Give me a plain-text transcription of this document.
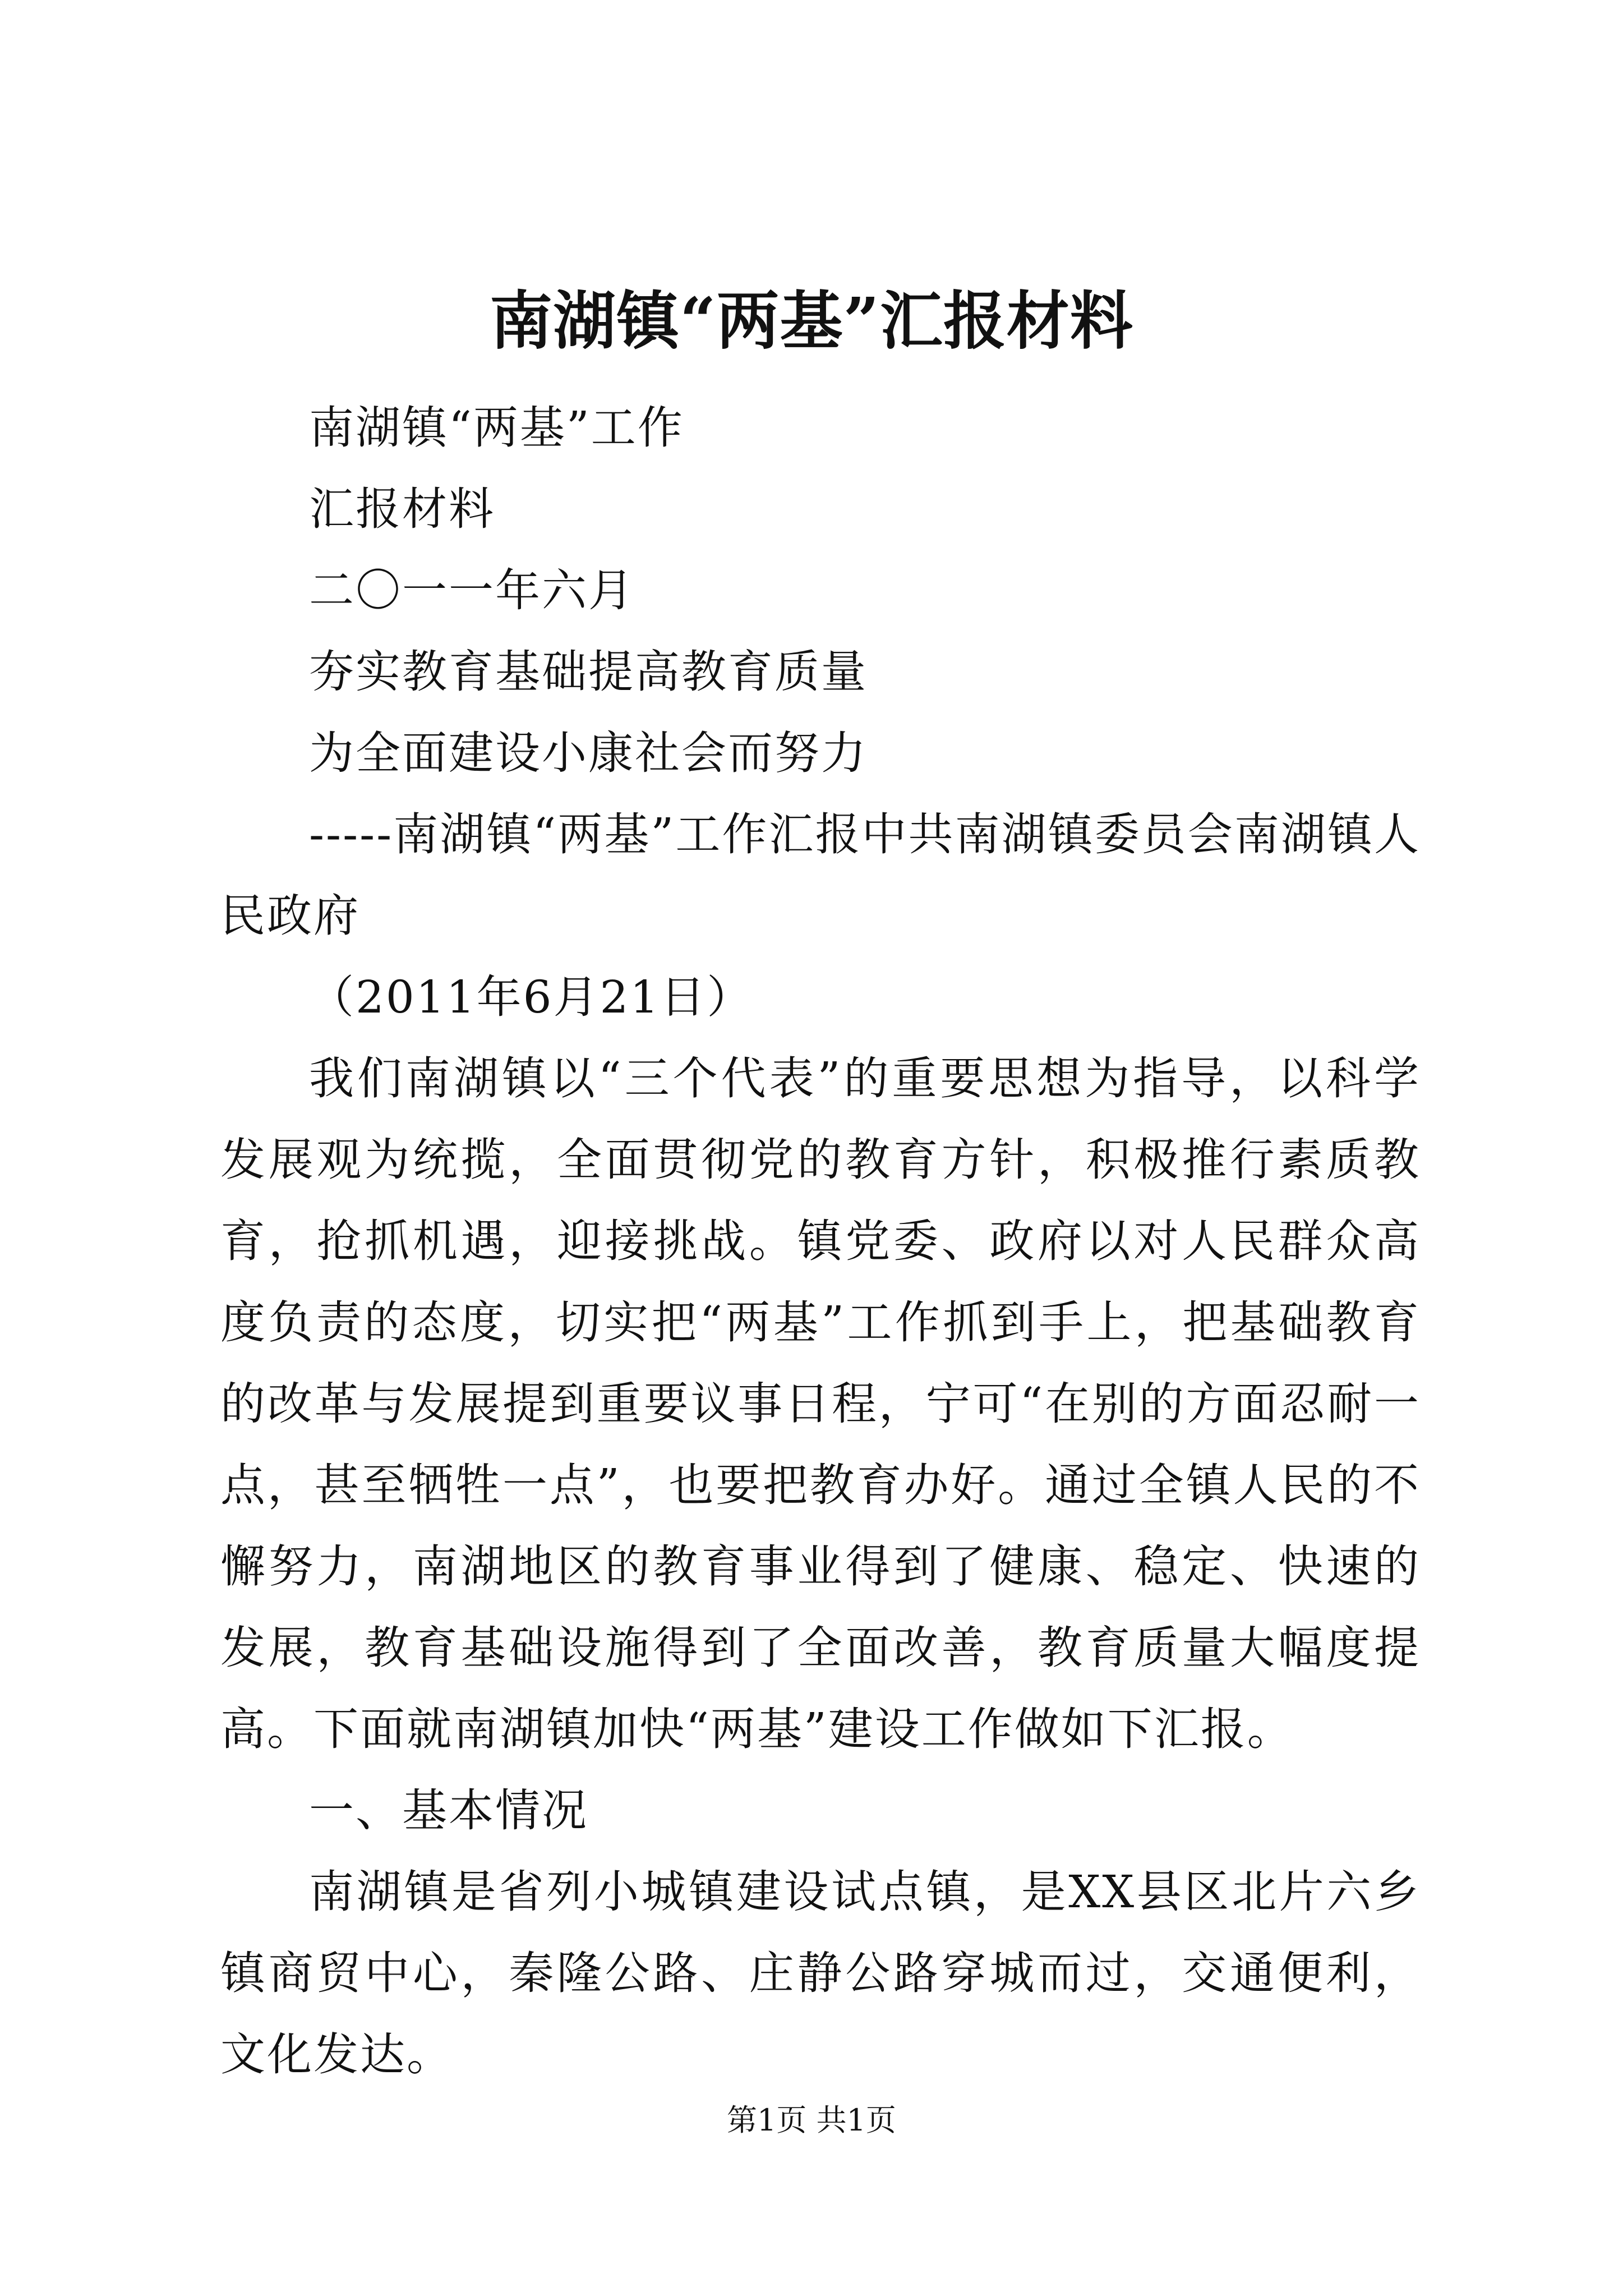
南湖镇“两基”汇报材料

南湖镇“两基”工作

汇报材料

二〇一一年六月

夯实教育基础提高教育质量

为全面建设小康社会而努力

-----南湖镇“两基”工作汇报中共南湖镇委员会南湖镇人民政府

（2011年6月21日）

我们南湖镇以“三个代表”的重要思想为指导，以科学发展观为统揽，全面贯彻党的教育方针，积极推行素质教育，抢抓机遇，迎接挑战。镇党委、政府以对人民群众高度负责的态度，切实把“两基”工作抓到手上，把基础教育的改革与发展提到重要议事日程，宁可“在别的方面忍耐一点，甚至牺牲一点”，也要把教育办好。通过全镇人民的不懈努力，南湖地区的教育事业得到了健康、稳定、快速的发展，教育基础设施得到了全面改善，教育质量大幅度提高。下面就南湖镇加快“两基”建设工作做如下汇报。

一、基本情况

南湖镇是省列小城镇建设试点镇，是XX县区北片六乡镇商贸中心，秦隆公路、庄静公路穿城而过，交通便利，文化发达。

第1页 共1页
